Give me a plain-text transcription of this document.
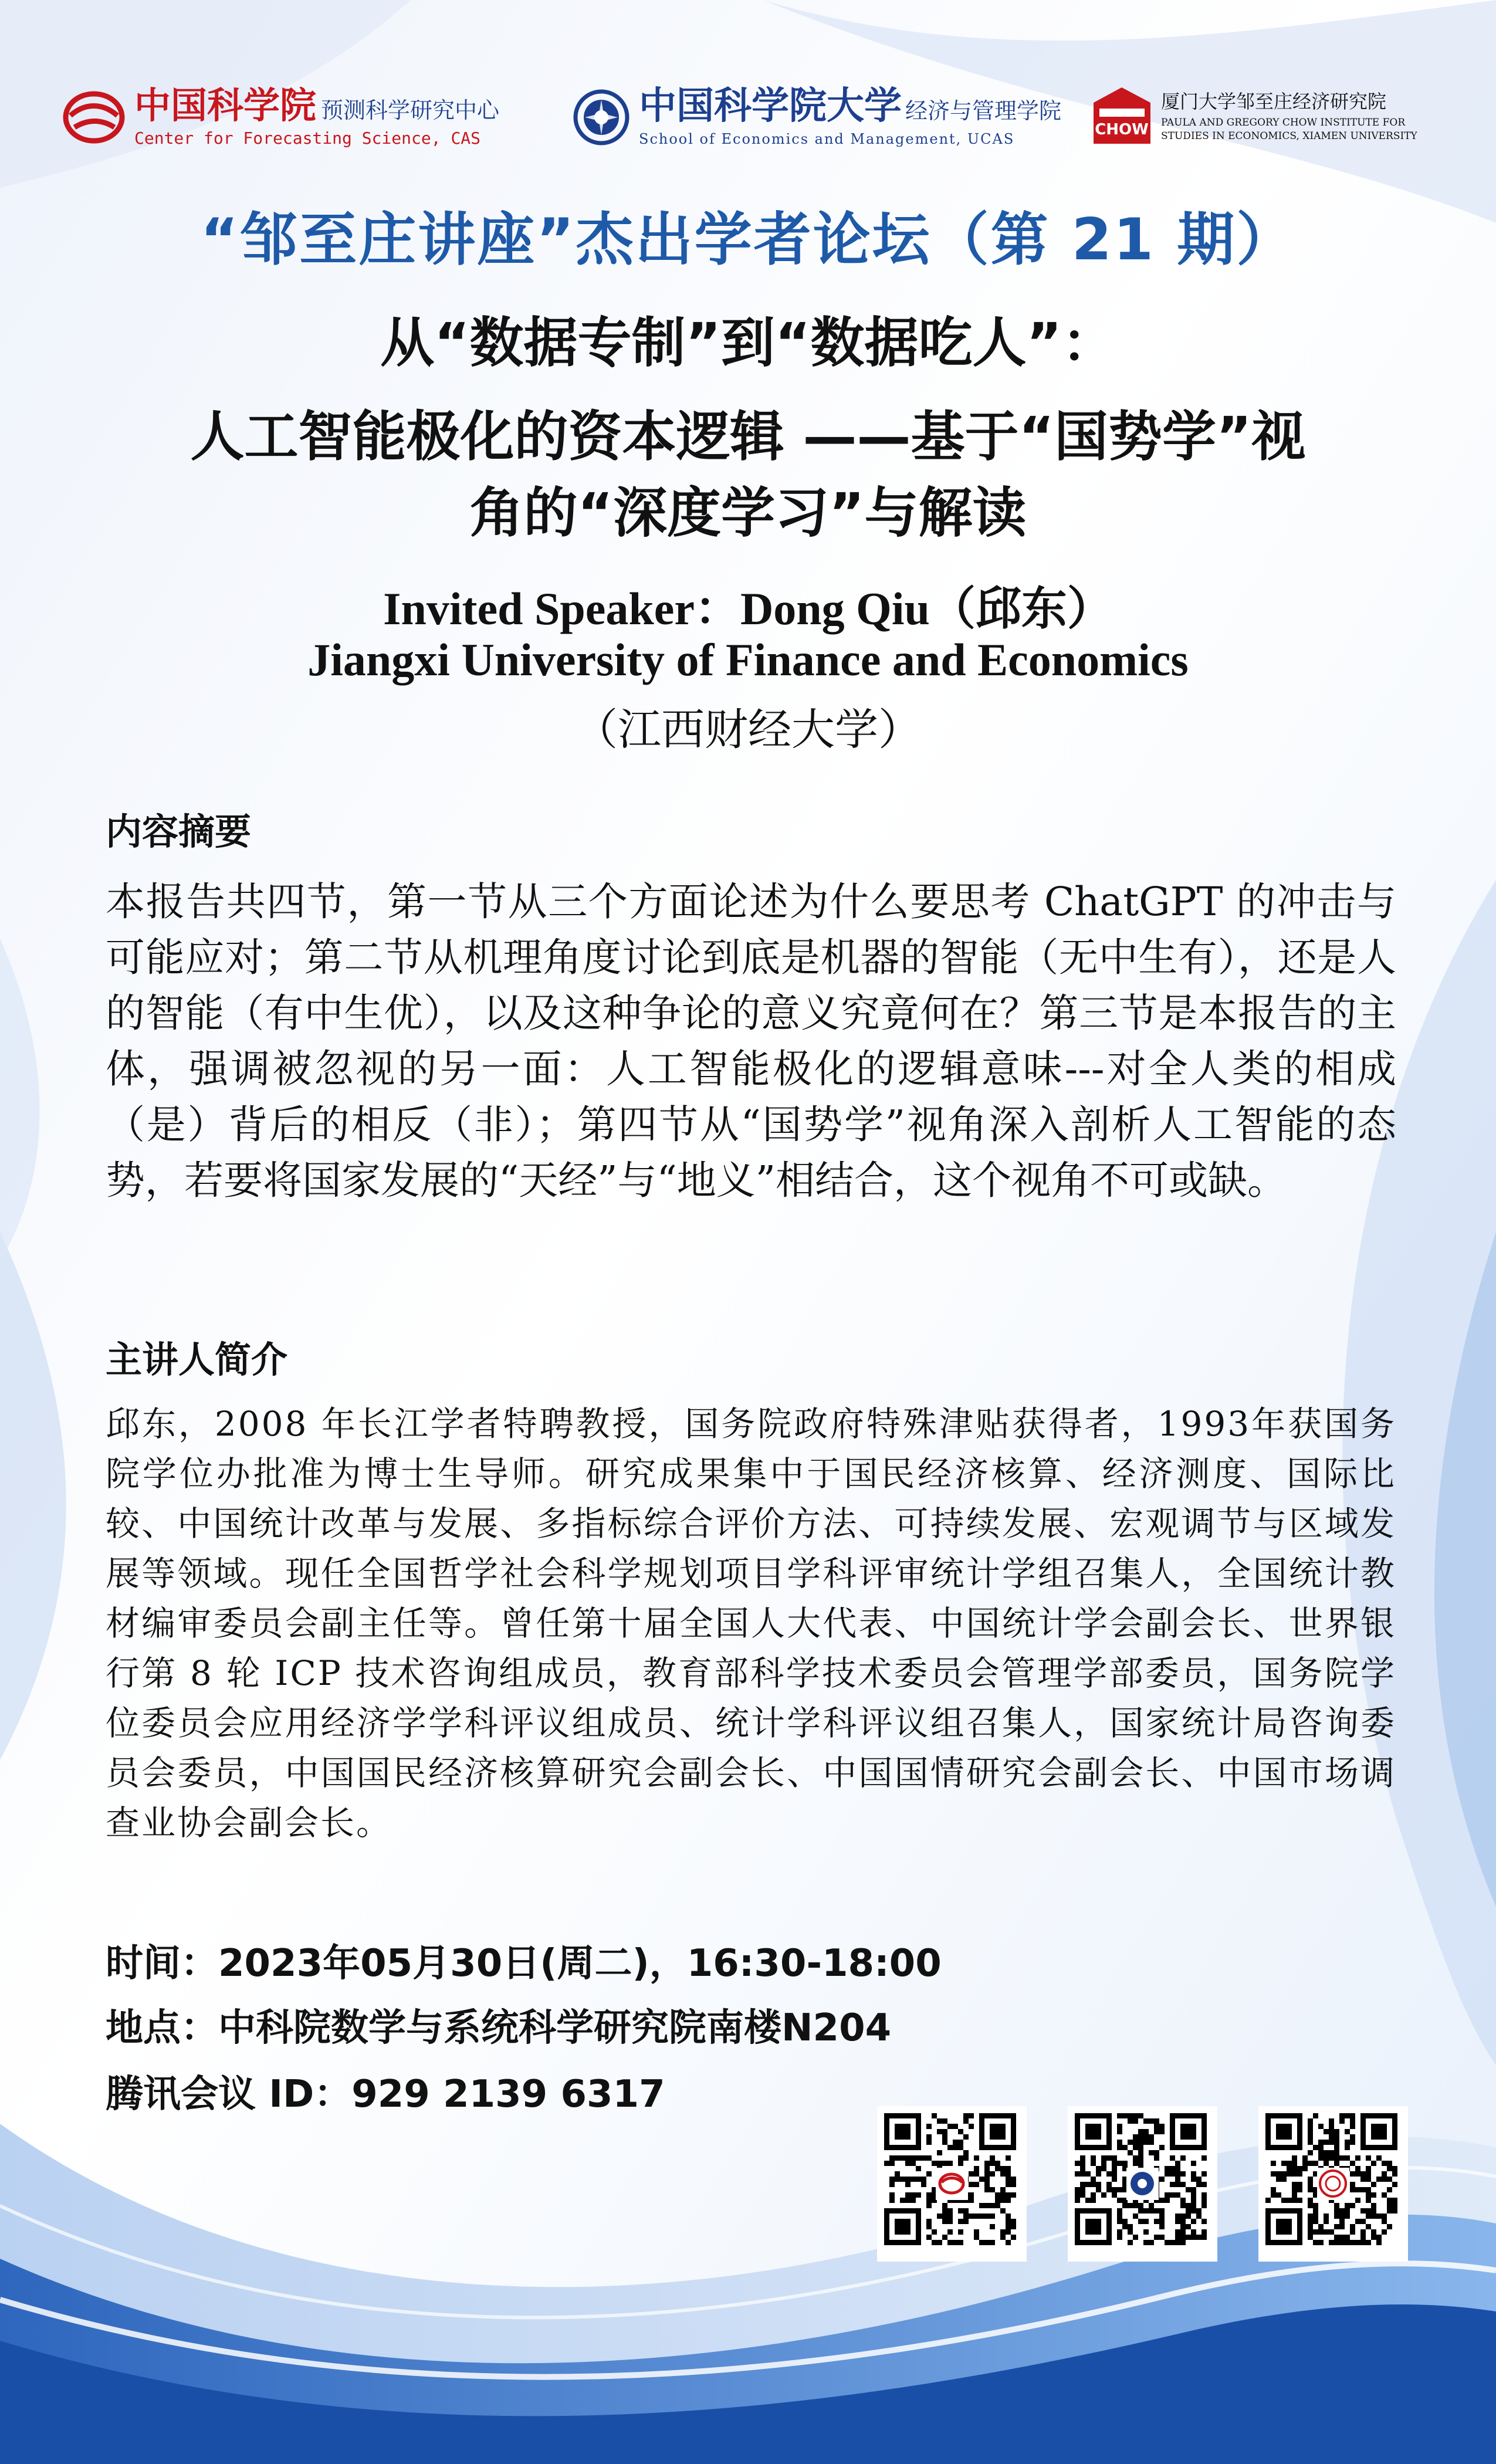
中国科学院 预测科学研究中心
Center for Forecasting Science, CAS
中国科学院大学 经济与管理学院
School of Economics and Management, UCAS
CHOW
厦门大学邹至庄经济研究院
PAULA AND GREGORY CHOW INSTITUTE FOR
STUDIES IN ECONOMICS, XIAMEN UNIVERSITY
“邹至庄讲座”杰出学者论坛（第 21 期）
从“数据专制”到“数据吃人”：
人工智能极化的资本逻辑 ——基于“国势学”视
角的“深度学习”与解读
Invited Speaker：Dong Qiu（邱东）
Jiangxi University of Finance and Economics
（江西财经大学）
内容摘要
本报告共四节，第一节从三个方面论述为什么要思考 ChatGPT 的冲击与可能应对；第二节从机理角度讨论到底是机器的智能（无中生有），还是人的智能（有中生优），以及这种争论的意义究竟何在？第三节是本报告的主体，强调被忽视的另一面：人工智能极化的逻辑意味---对全人类的相成（是）背后的相反（非）；第四节从“国势学”视角深入剖析人工智能的态势，若要将国家发展的“天经”与“地义”相结合，这个视角不可或缺。
主讲人简介
邱东，2008 年长江学者特聘教授，国务院政府特殊津贴获得者，1993年获国务院学位办批准为博士生导师。研究成果集中于国民经济核算、经济测度、国际比较、中国统计改革与发展、多指标综合评价方法、可持续发展、宏观调节与区域发展等领域。现任全国哲学社会科学规划项目学科评审统计学组召集人，全国统计教材编审委员会副主任等。曾任第十届全国人大代表、中国统计学会副会长、世界银行第 8 轮 ICP 技术咨询组成员，教育部科学技术委员会管理学部委员，国务院学位委员会应用经济学学科评议组成员、统计学科评议组召集人，国家统计局咨询委员会委员，中国国民经济核算研究会副会长、中国国情研究会副会长、中国市场调查业协会副会长。
时间：2023年05月30日(周二)，16:30-18:00
地点：中科院数学与系统科学研究院南楼N204
腾讯会议 ID：929 2139 6317
